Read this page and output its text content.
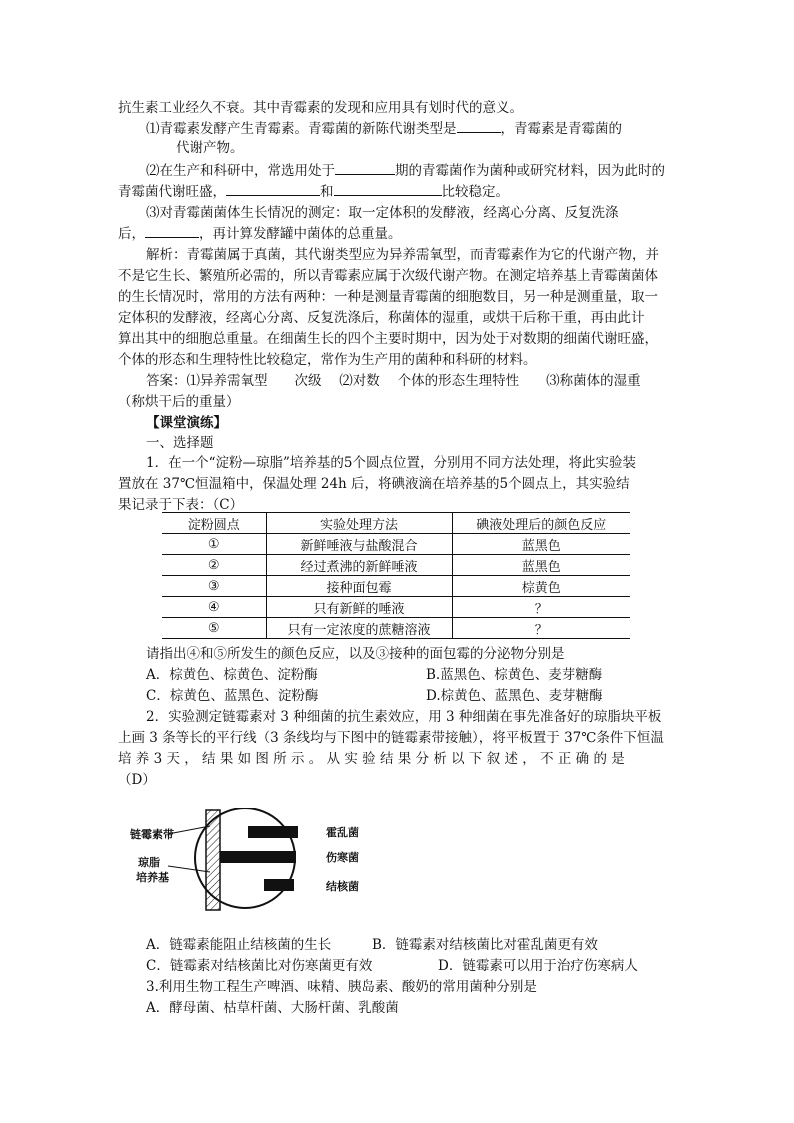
抗生素工业经久不衰。其中青霉素的发现和应用具有划时代的意义。
⑴青霉素发酵产生青霉素。青霉菌的新陈代谢类型是	，青霉素是青霉菌的
代谢产物。
⑵在生产和科研中，常选用处于	期的青霉菌作为菌种或研究材料，因为此时的
青霉菌代谢旺盛，	和	比较稳定。
⑶对青霉菌菌体生长情况的测定：取一定体积的发酵液，经离心分离、反复洗涤
后，	，再计算发酵罐中菌体的总重量。
解析：青霉菌属于真菌，其代谢类型应为异养需氧型，而青霉素作为它的代谢产物，并
不是它生长、繁殖所必需的，所以青霉素应属于次级代谢产物。在测定培养基上青霉菌菌体
的生长情况时，常用的方法有两种：一种是测量青霉菌的细胞数目，另一种是测重量，取一
定体积的发酵液，经离心分离、反复洗涤后，称菌体的湿重，或烘干后称干重，再由此计
算出其中的细胞总重量。在细菌生长的四个主要时期中，因为处于对数期的细菌代谢旺盛，
个体的形态和生理特性比较稳定，常作为生产用的菌种和科研的材料。
答案：⑴异养需氧型　　次级　 ⑵对数　 个体的形态生理特性　　⑶称菌体的湿重
（称烘干后的重量）
【课堂演练】
一、选择题
1．在一个“淀粉—琼脂”培养基的5个圆点位置，分别用不同方法处理，将此实验装
置放在 37℃恒温箱中，保温处理 24h 后，将碘液滴在培养基的5个圆点上，其实验结
果记录于下表：（C）
淀粉圆点	实验处理方法	碘液处理后的颜色反应
①	新鲜唾液与盐酸混合	蓝黑色
②	经过煮沸的新鲜唾液	蓝黑色
③	接种面包霉	棕黄色
④	只有新鲜的唾液	？
⑤	只有一定浓度的蔗糖溶液	？
请指出④和⑤所发生的颜色反应，以及③接种的面包霉的分泌物分别是
A．棕黄色、棕黄色、淀粉酶	B.蓝黑色、棕黄色、麦芽糖酶
C．棕黄色、蓝黑色、淀粉酶	D.棕黄色、蓝黑色、麦芽糖酶
2．实验测定链霉素对 3 种细菌的抗生素效应，用 3 种细菌在事先准备好的琼脂块平板
上画 3 条等长的平行线（3 条线均与下图中的链霉素带接触），将平板置于 37℃条件下恒温
培 养 3 天 ， 结 果 如 图 所 示 。 从 实 验 结 果 分 析 以 下 叙 述 ， 不 正 确 的 是
（D）
链霉素带
琼脂
培养基
霍乱菌
伤寒菌
结核菌
A．链霉素能阻止结核菌的生长	B．链霉素对结核菌比对霍乱菌更有效
C．链霉素对结核菌比对伤寒菌更有效	D．链霉素可以用于治疗伤寒病人
3.利用生物工程生产啤酒、味精、胰岛素、酸奶的常用菌种分别是
A．酵母菌、枯草杆菌、大肠杆菌、乳酸菌
